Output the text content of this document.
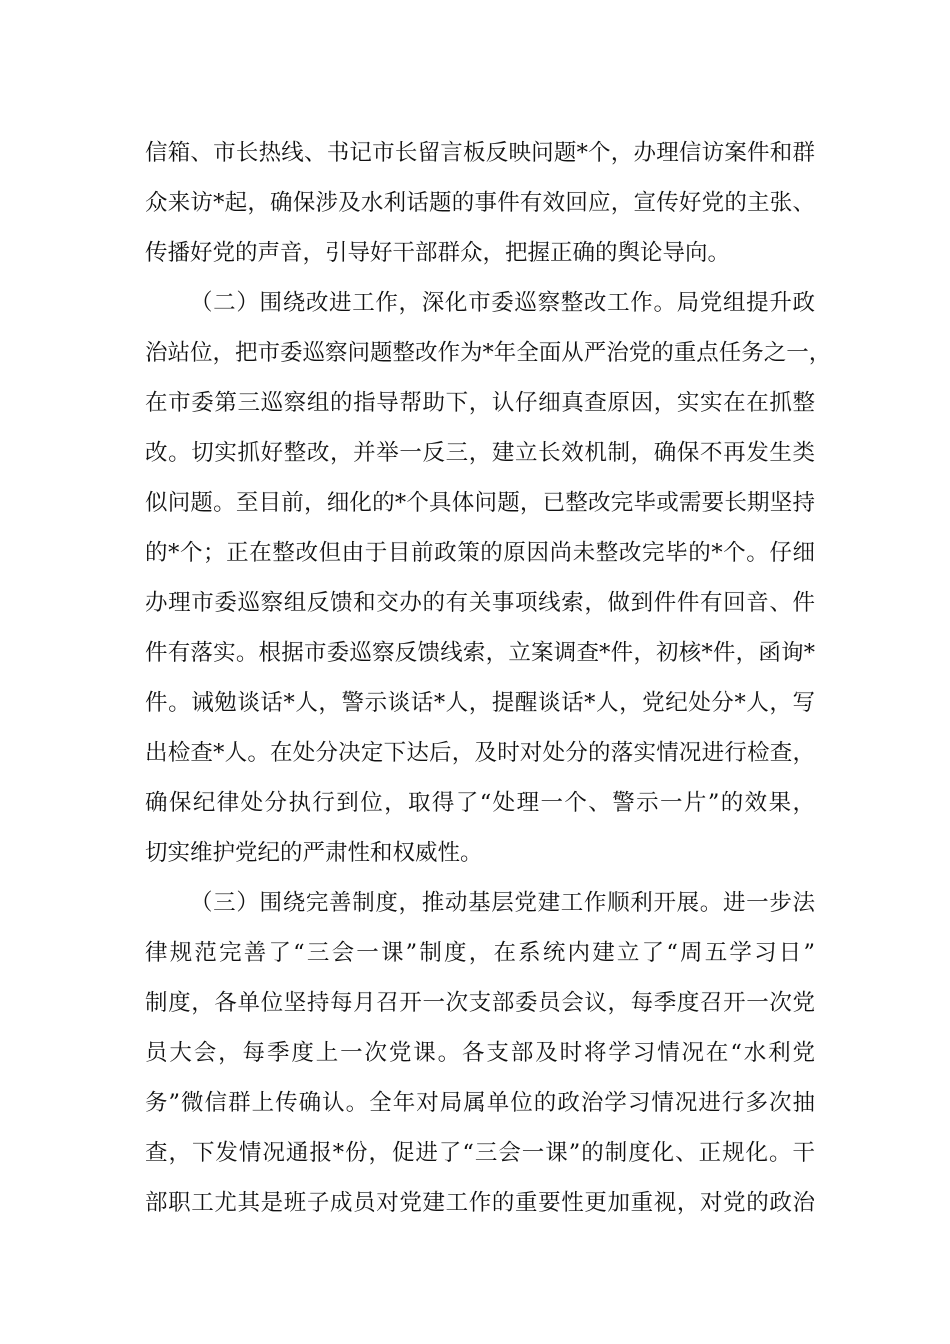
信箱、市长热线、书记市长留言板反映问题*个，办理信访案件和群
众来访*起，确保涉及水利话题的事件有效回应，宣传好党的主张、
传播好党的声音，引导好干部群众，把握正确的舆论导向。
（二）围绕改进工作，深化市委巡察整改工作。局党组提升政
治站位，把市委巡察问题整改作为*年全面从严治党的重点任务之一，
在市委第三巡察组的指导帮助下，认仔细真查原因，实实在在抓整
改。切实抓好整改，并举一反三，建立长效机制，确保不再发生类
似问题。至目前，细化的*个具体问题，已整改完毕或需要长期坚持
的*个；正在整改但由于目前政策的原因尚未整改完毕的*个。仔细
办理市委巡察组反馈和交办的有关事项线索，做到件件有回音、件
件有落实。根据市委巡察反馈线索，立案调查*件，初核*件，函询*
件。诫勉谈话*人，警示谈话*人，提醒谈话*人，党纪处分*人，写
出检查*人。在处分决定下达后，及时对处分的落实情况进行检查，
确保纪律处分执行到位，取得了“处理一个、警示一片”的效果，
切实维护党纪的严肃性和权威性。
（三）围绕完善制度，推动基层党建工作顺利开展。进一步法
律规范完善了“三会一课”制度，在系统内建立了“周五学习日”
制度，各单位坚持每月召开一次支部委员会议，每季度召开一次党
员大会，每季度上一次党课。各支部及时将学习情况在“水利党
务”微信群上传确认。全年对局属单位的政治学习情况进行多次抽
查，下发情况通报*份，促进了“三会一课”的制度化、正规化。干
部职工尤其是班子成员对党建工作的重要性更加重视，对党的政治
